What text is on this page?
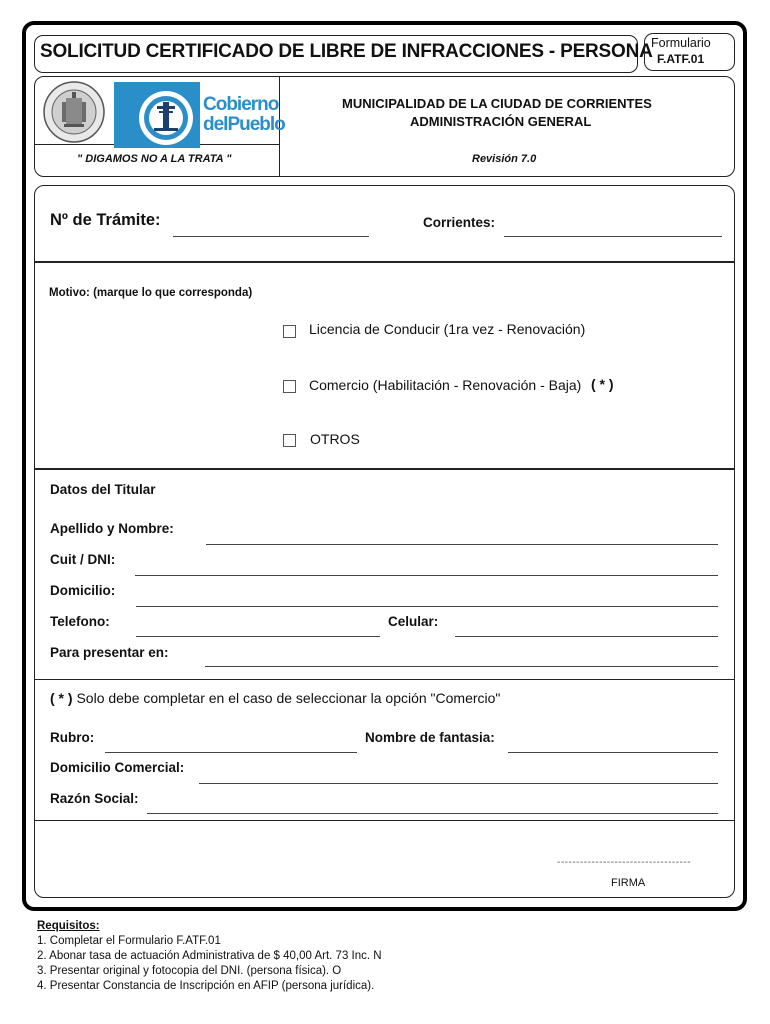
SOLICITUD CERTIFICADO DE LIBRE DE INFRACCIONES - PERSONA
Formulario
F.ATF.01
Cobierno
delPueblo
MUNICIPALIDAD DE LA CIUDAD DE CORRIENTES
ADMINISTRACIÓN GENERAL
" DIGAMOS NO A LA TRATA "	Revisión 7.0
Nº de Trámite:	Corrientes:
Motivo: (marque lo que corresponda)
Licencia de Conducir (1ra vez - Renovación)
Comercio (Habilitación - Renovación - Baja) ( * )
OTROS
Datos del Titular
Apellido y Nombre:
Cuit / DNI:
Domicilio:
Telefono:	Celular:
Para presentar en:
( * ) Solo debe completar en el caso de seleccionar la opción "Comercio"
Rubro:	Nombre de fantasia:
Domicilio Comercial:
Razón Social:
-----------------------------------
FIRMA
Requisitos:
1. Completar el Formulario F.ATF.01
2. Abonar tasa de actuación Administrativa de $ 40,00 Art. 73 Inc. N
3. Presentar original y fotocopia del DNI. (persona física). O
4. Presentar Constancia de Inscripción en AFIP (persona jurídica).
